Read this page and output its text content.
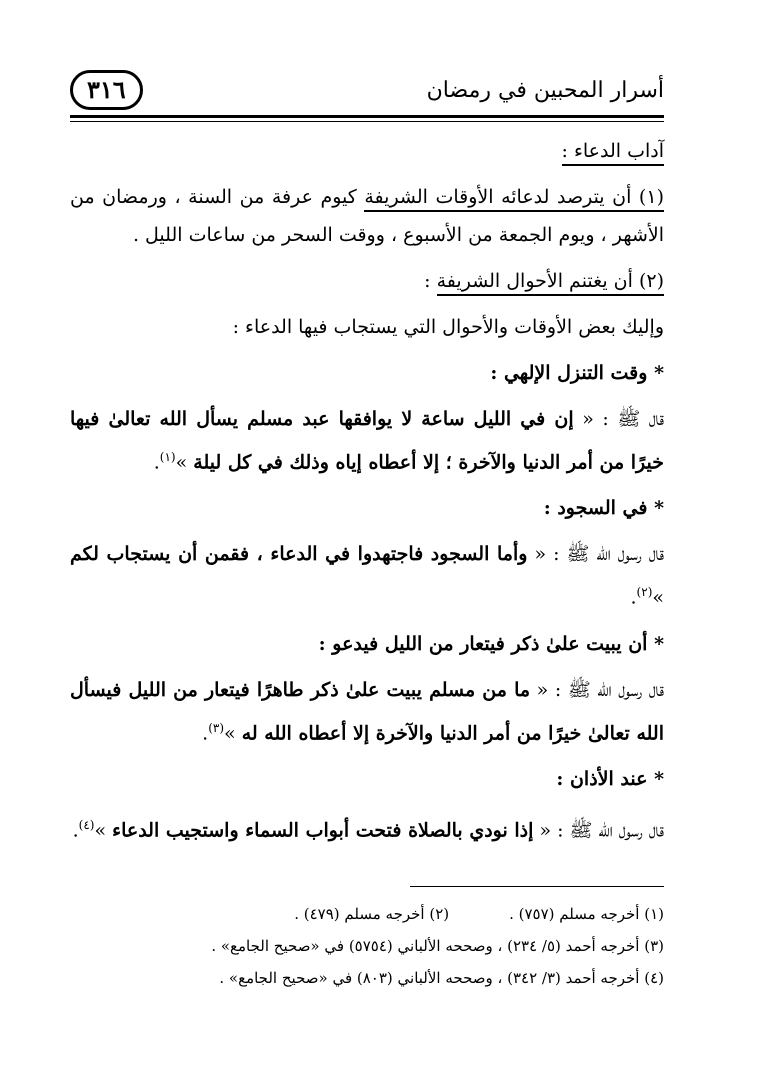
أسرار المحبين في رمضان
٣١٦

آداب الدعاء :

(١) أن يترصد لدعائه الأوقات الشريفة كيوم عرفة من السنة ، ورمضان من الأشهر ، ويوم الجمعة من الأسبوع ، ووقت السحر من ساعات الليل .

(٢) أن يغتنم الأحوال الشريفة :

وإليك بعض الأوقات والأحوال التي يستجاب فيها الدعاء :

* وقت التنزل الإلهي :

قال ﷺ : « إن في الليل ساعة لا يوافقها عبد مسلم يسأل الله تعالىٰ فيها خيرًا من أمر الدنيا والآخرة ؛ إلا أعطاه إياه وذلك في كل ليلة »$^{(١)}$.

* في السجود :

قال رسول الله ﷺ : « وأما السجود فاجتهدوا في الدعاء ، فقمن أن يستجاب لكم »$^{(٢)}$.

* أن يبيت علىٰ ذكر فيتعار من الليل فيدعو :

قال رسول الله ﷺ : « ما من مسلم يبيت علىٰ ذكر طاهرًا فيتعار من الليل فيسأل الله تعالىٰ خيرًا من أمر الدنيا والآخرة إلا أعطاه الله له »$^{(٣)}$.

* عند الأذان :

قال رسول الله ﷺ : « إذا نودي بالصلاة فتحت أبواب السماء واستجيب الدعاء »$^{(٤)}$.

(١) أخرجه مسلم (٧٥٧) .
(٢) أخرجه مسلم (٤٧٩) .
(٣) أخرجه أحمد (٥/ ٢٣٤) ، وصححه الألباني (٥٧٥٤) في «صحيح الجامع» .
(٤) أخرجه أحمد (٣/ ٣٤٢) ، وصححه الألباني (٨٠٣) في «صحيح الجامع» .
